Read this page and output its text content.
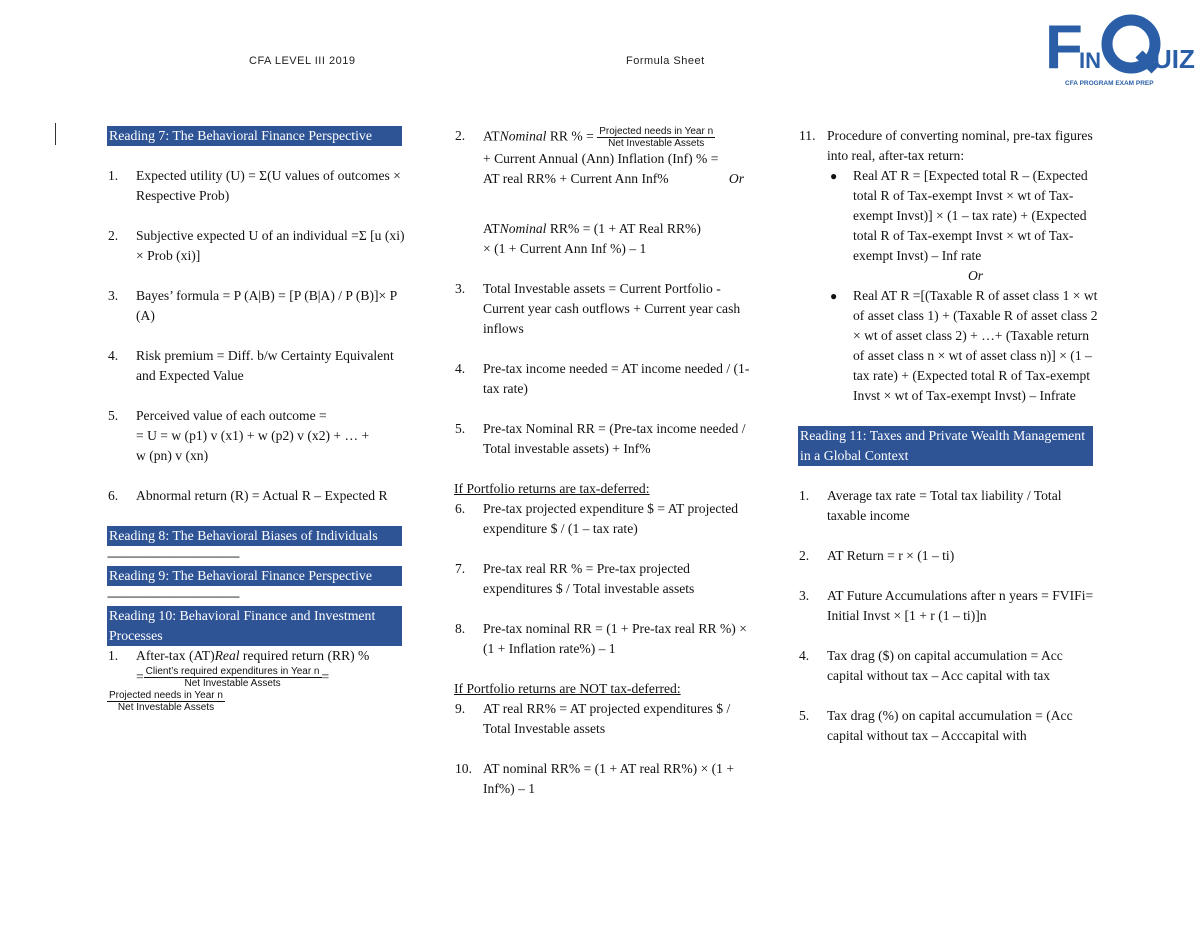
CFA LEVEL III 2019	Formula Sheet	F
IN UIZ
CFA PROGRAM EXAM PREP
Reading 7: The Behavioral Finance Perspective
1. Expected utility (U) = Σ(U values of outcomes × Respective Prob)
2. Subjective expected U of an individual =Σ [u (xi) × Prob (xi)]
3. Bayes’ formula = P (A|B) = [P (B|A) / P (B)]× P (A)
4. Risk premium = Diff. b/w Certainty Equivalent and Expected Value
5. Perceived value of each outcome =
= U = w (p1) v (x1) + w (p2) v (x2) + … +
w (pn) v (xn)
6. Abnormal return (R) = Actual R – Expected R
Reading 8: The Behavioral Biases of Individuals
--------------------------------------------
Reading 9: The Behavioral Finance Perspective
--------------------------------------------
Reading 10: Behavioral Finance and Investment Processes
1. After-tax (AT)Real required return (RR) %
= $\frac{\text{Client’s required expenditures in Year n}}{\text{Net Investable Assets}}$ =
$\frac{\text{Projected needs in Year n}}{\text{Net Investable Assets}}$
2. ATNominal RR % = $\frac{\text{Projected needs in Year n}}{\text{Net Investable Assets}}$
+ Current Annual (Ann) Inflation (Inf) % =
AT real RR% + Current Ann Inf%	Or
ATNominal RR% = (1 + AT Real RR%)
× (1 + Current Ann Inf %) – 1
3. Total Investable assets = Current Portfolio -Current year cash outflows + Current year cash inflows
4. Pre-tax income needed = AT income needed / (1-tax rate)
5. Pre-tax Nominal RR = (Pre-tax income needed / Total investable assets) + Inf%
If Portfolio returns are tax-deferred:
6. Pre-tax projected expenditure $ = AT projected expenditure $ / (1 – tax rate)
7. Pre-tax real RR % = Pre-tax projected expenditures $ / Total investable assets
8. Pre-tax nominal RR = (1 + Pre-tax real RR %) × (1 + Inflation rate%) – 1
If Portfolio returns are NOT tax-deferred:
9. AT real RR% = AT projected expenditures $ / Total Investable assets
10. AT nominal RR% = (1 + AT real RR%) × (1 + Inf%) – 1
11. Procedure of converting nominal, pre-tax figures into real, after-tax return:
● Real AT R = [Expected total R – (Expected total R of Tax-exempt Invst × wt of Tax-exempt Invst)] × (1 – tax rate) + (Expected total R of Tax-exempt Invst × wt of Tax-exempt Invst) – Inf rate
Or
● Real AT R =[(Taxable R of asset class 1 × wt of asset class 1) + (Taxable R of asset class 2 × wt of asset class 2) + …+ (Taxable return of asset class n × wt of asset class n)] × (1 – tax rate) + (Expected total R of Tax-exempt Invst × wt of Tax-exempt Invst) – Infrate
Reading 11: Taxes and Private Wealth Management in a Global Context
1. Average tax rate = Total tax liability / Total taxable income
2. AT Return = r × (1 – ti)
3. AT Future Accumulations after n years = FVIFi= Initial Invst × [1 + r (1 – ti)]n
4. Tax drag ($) on capital accumulation = Acc capital without tax – Acc capital with tax
5. Tax drag (%) on capital accumulation = (Acc capital without tax – Acccapital with
